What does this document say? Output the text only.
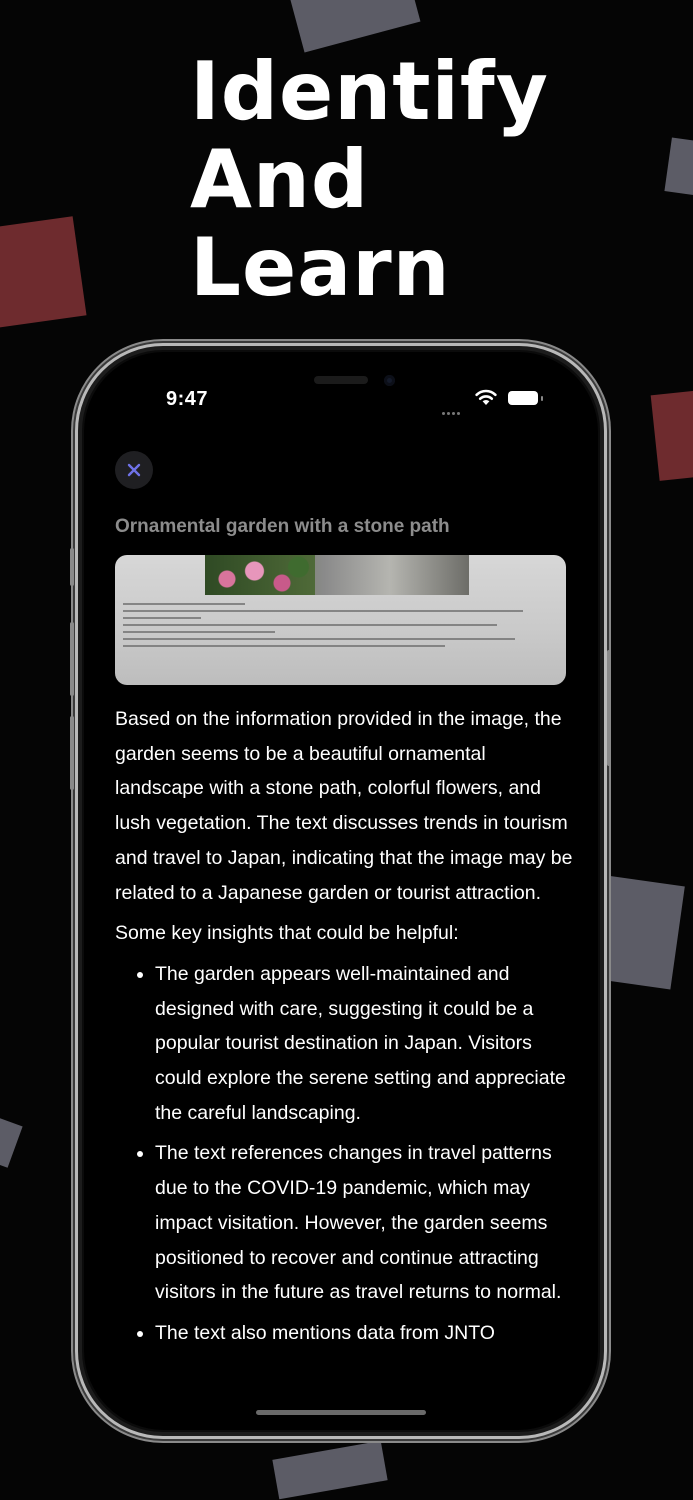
Identify
And
Learn
9:47
Ornamental garden with a stone path

Based on the information provided in the image, the garden seems to be a beautiful ornamental landscape with a stone path, colorful flowers, and lush vegetation. The text discusses trends in tourism and travel to Japan, indicating that the image may be related to a Japanese garden or tourist attraction.

Some key insights that could be helpful:

• The garden appears well-maintained and designed with care, suggesting it could be a popular tourist destination in Japan. Visitors could explore the serene setting and appreciate the careful landscaping.
• The text references changes in travel patterns due to the COVID-19 pandemic, which may impact visitation. However, the garden seems positioned to recover and continue attracting visitors in the future as travel returns to normal.
• The text also mentions data from JNTO
